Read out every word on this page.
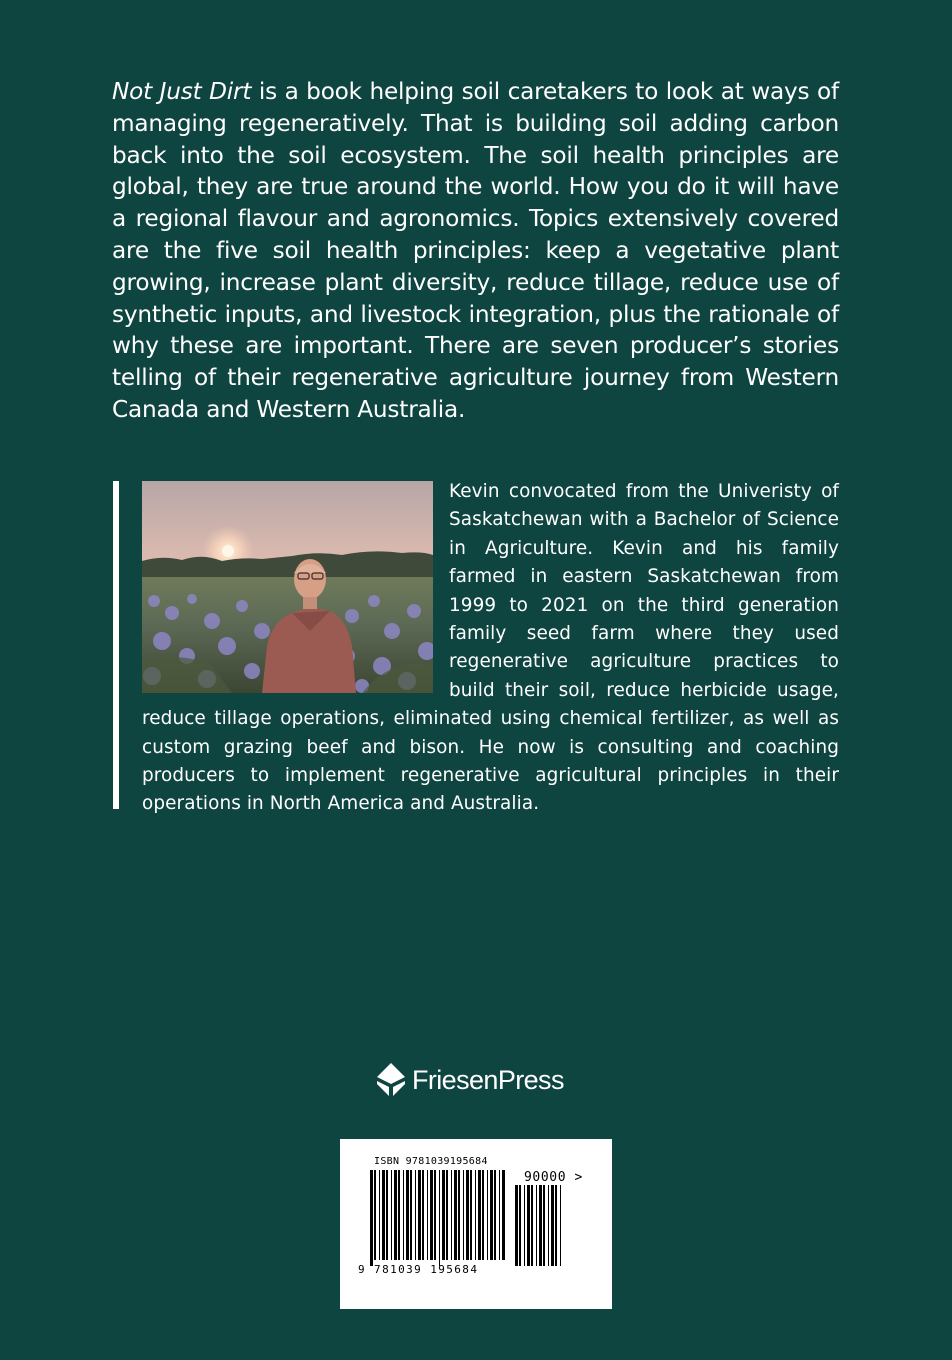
Not Just Dirt is a book helping soil caretakers to look at ways of managing regeneratively. That is building soil adding carbon back into the soil ecosystem. The soil health principles are global, they are true around the world. How you do it will have a regional flavour and agronomics. Topics extensively covered are the five soil health principles: keep a vegetative plant growing, increase plant diversity, reduce tillage, reduce use of synthetic inputs, and livestock integration, plus the rationale of why these are important. There are seven producer’s stories telling of their regenerative agriculture journey from Western Canada and Western Australia.
Kevin convocated from the Univeristy of Saskatchewan with a Bachelor of Science in Agriculture. Kevin and his family farmed in eastern Saskatchewan from 1999 to 2021 on the third generation family seed farm where they used regenerative agriculture practices to build their soil, reduce herbicide usage, reduce tillage operations, eliminated using chemical fertilizer, as well as custom grazing beef and bison. He now is consulting and coaching producers to implement regenerative agricultural principles in their operations in North America and Australia.
FriesenPress
ISBN 9781039195684
90000 >
9 781039 195684
